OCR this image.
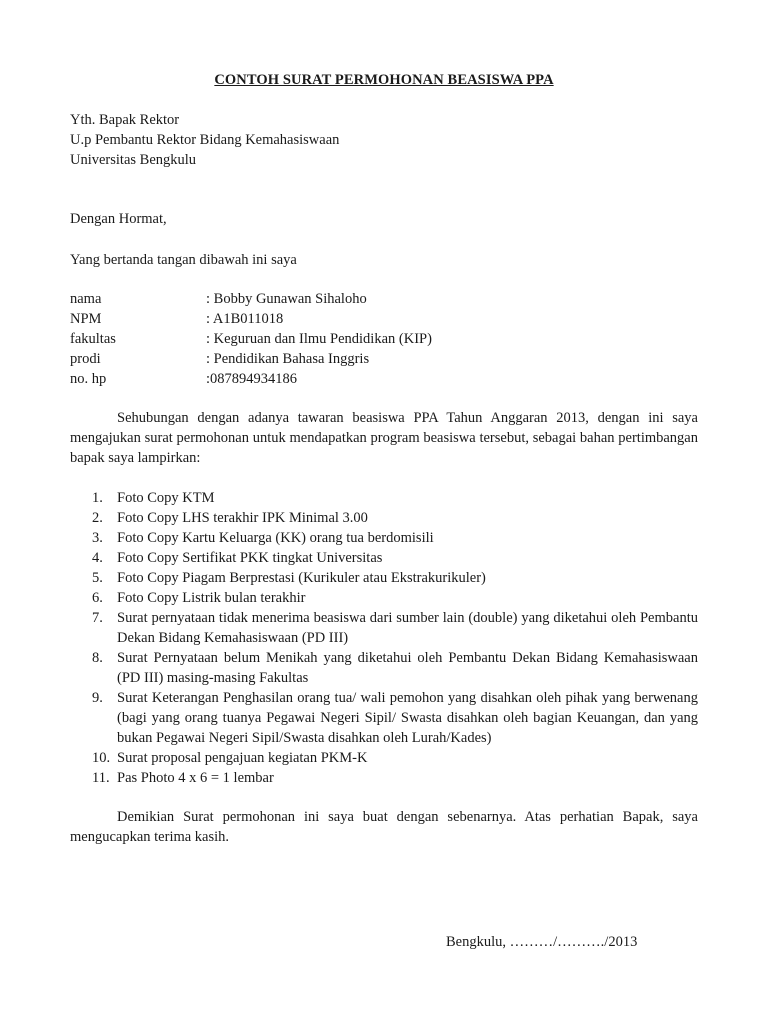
CONTOH SURAT PERMOHONAN BEASISWA PPA
Yth. Bapak Rektor
U.p Pembantu Rektor Bidang Kemahasiswaan
Universitas Bengkulu
Dengan Hormat,
Yang bertanda tangan dibawah ini saya
nama	: Bobby Gunawan Sihaloho
NPM	: A1B011018
fakultas	: Keguruan dan Ilmu Pendidikan (KIP)
prodi	: Pendidikan Bahasa Inggris
no. hp	:087894934186
Sehubungan dengan adanya tawaran beasiswa PPA Tahun Anggaran 2013, dengan ini saya mengajukan surat permohonan untuk mendapatkan program beasiswa tersebut, sebagai bahan pertimbangan bapak saya lampirkan:
1. Foto Copy KTM
2. Foto Copy LHS terakhir IPK Minimal 3.00
3. Foto Copy Kartu Keluarga (KK) orang tua berdomisili
4. Foto Copy Sertifikat PKK tingkat Universitas
5. Foto Copy Piagam Berprestasi (Kurikuler atau Ekstrakurikuler)
6. Foto Copy Listrik bulan terakhir
7. Surat pernyataan tidak menerima beasiswa dari sumber lain (double) yang diketahui oleh Pembantu Dekan Bidang Kemahasiswaan (PD III)
8. Surat Pernyataan belum Menikah yang diketahui oleh Pembantu Dekan Bidang Kemahasiswaan (PD III) masing-masing Fakultas
9. Surat Keterangan Penghasilan orang tua/ wali pemohon yang disahkan oleh pihak yang berwenang (bagi yang orang tuanya Pegawai Negeri Sipil/ Swasta disahkan oleh bagian Keuangan, dan yang bukan Pegawai Negeri Sipil/Swasta disahkan oleh Lurah/Kades)
10. Surat proposal pengajuan kegiatan PKM-K
11. Pas Photo 4 x 6 = 1 lembar
Demikian Surat permohonan ini saya buat dengan sebenarnya. Atas perhatian Bapak, saya mengucapkan terima kasih.
Bengkulu, ………/………./2013
